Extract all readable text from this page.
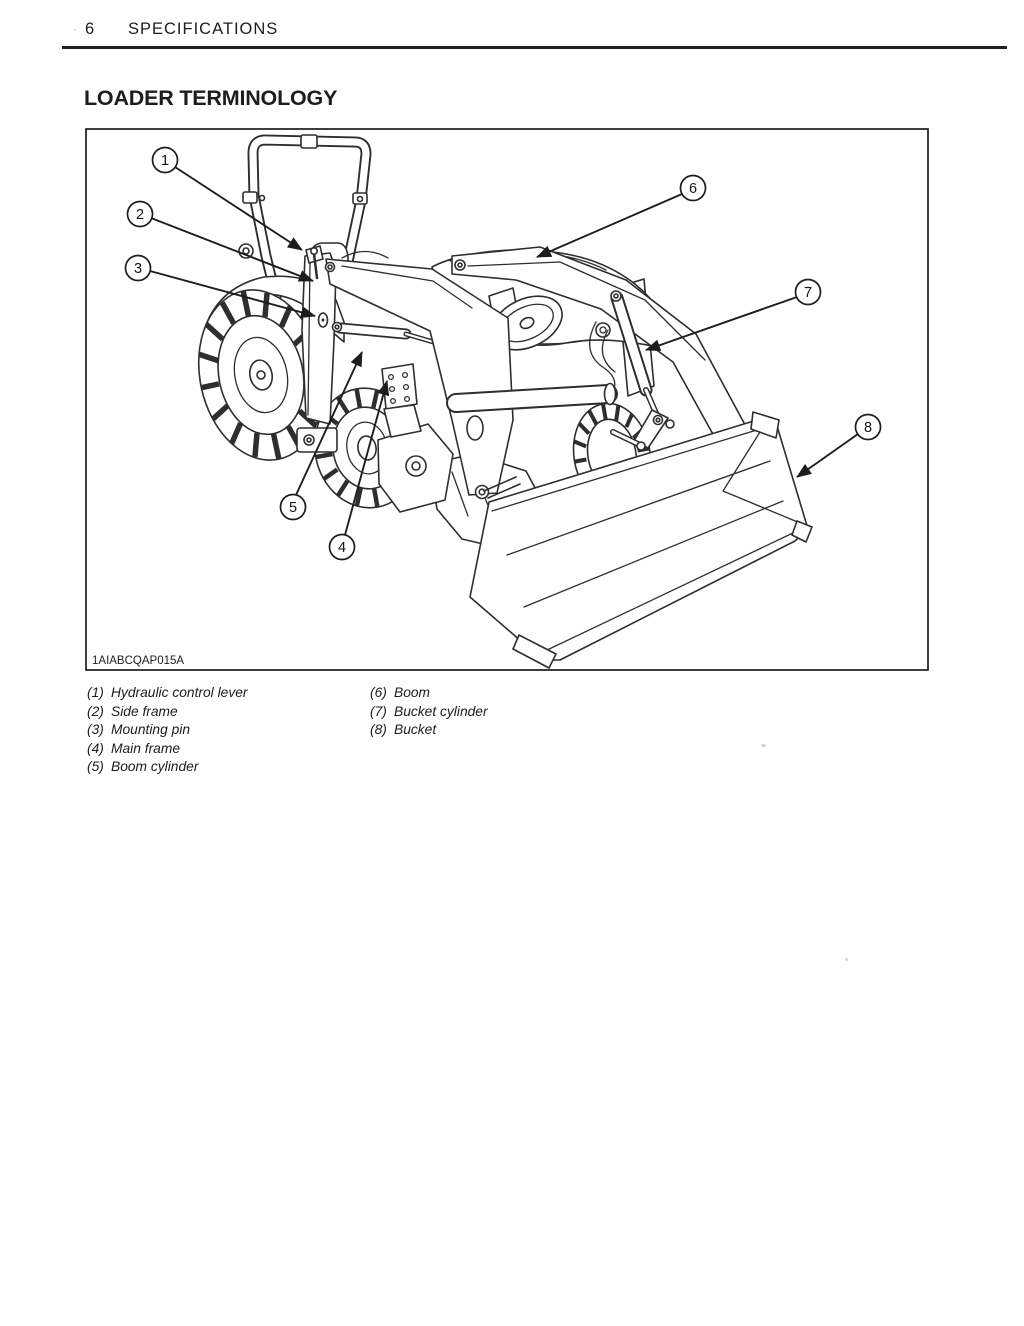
6 SPECIFICATIONS
LOADER TERMINOLOGY
1
2
3
5
4
6
7
8
1AIABCQAP015A
(1) Hydraulic control lever
(2) Side frame
(3) Mounting pin
(4) Main frame
(5) Boom cylinder
(6) Boom
(7) Bucket cylinder
(8) Bucket
